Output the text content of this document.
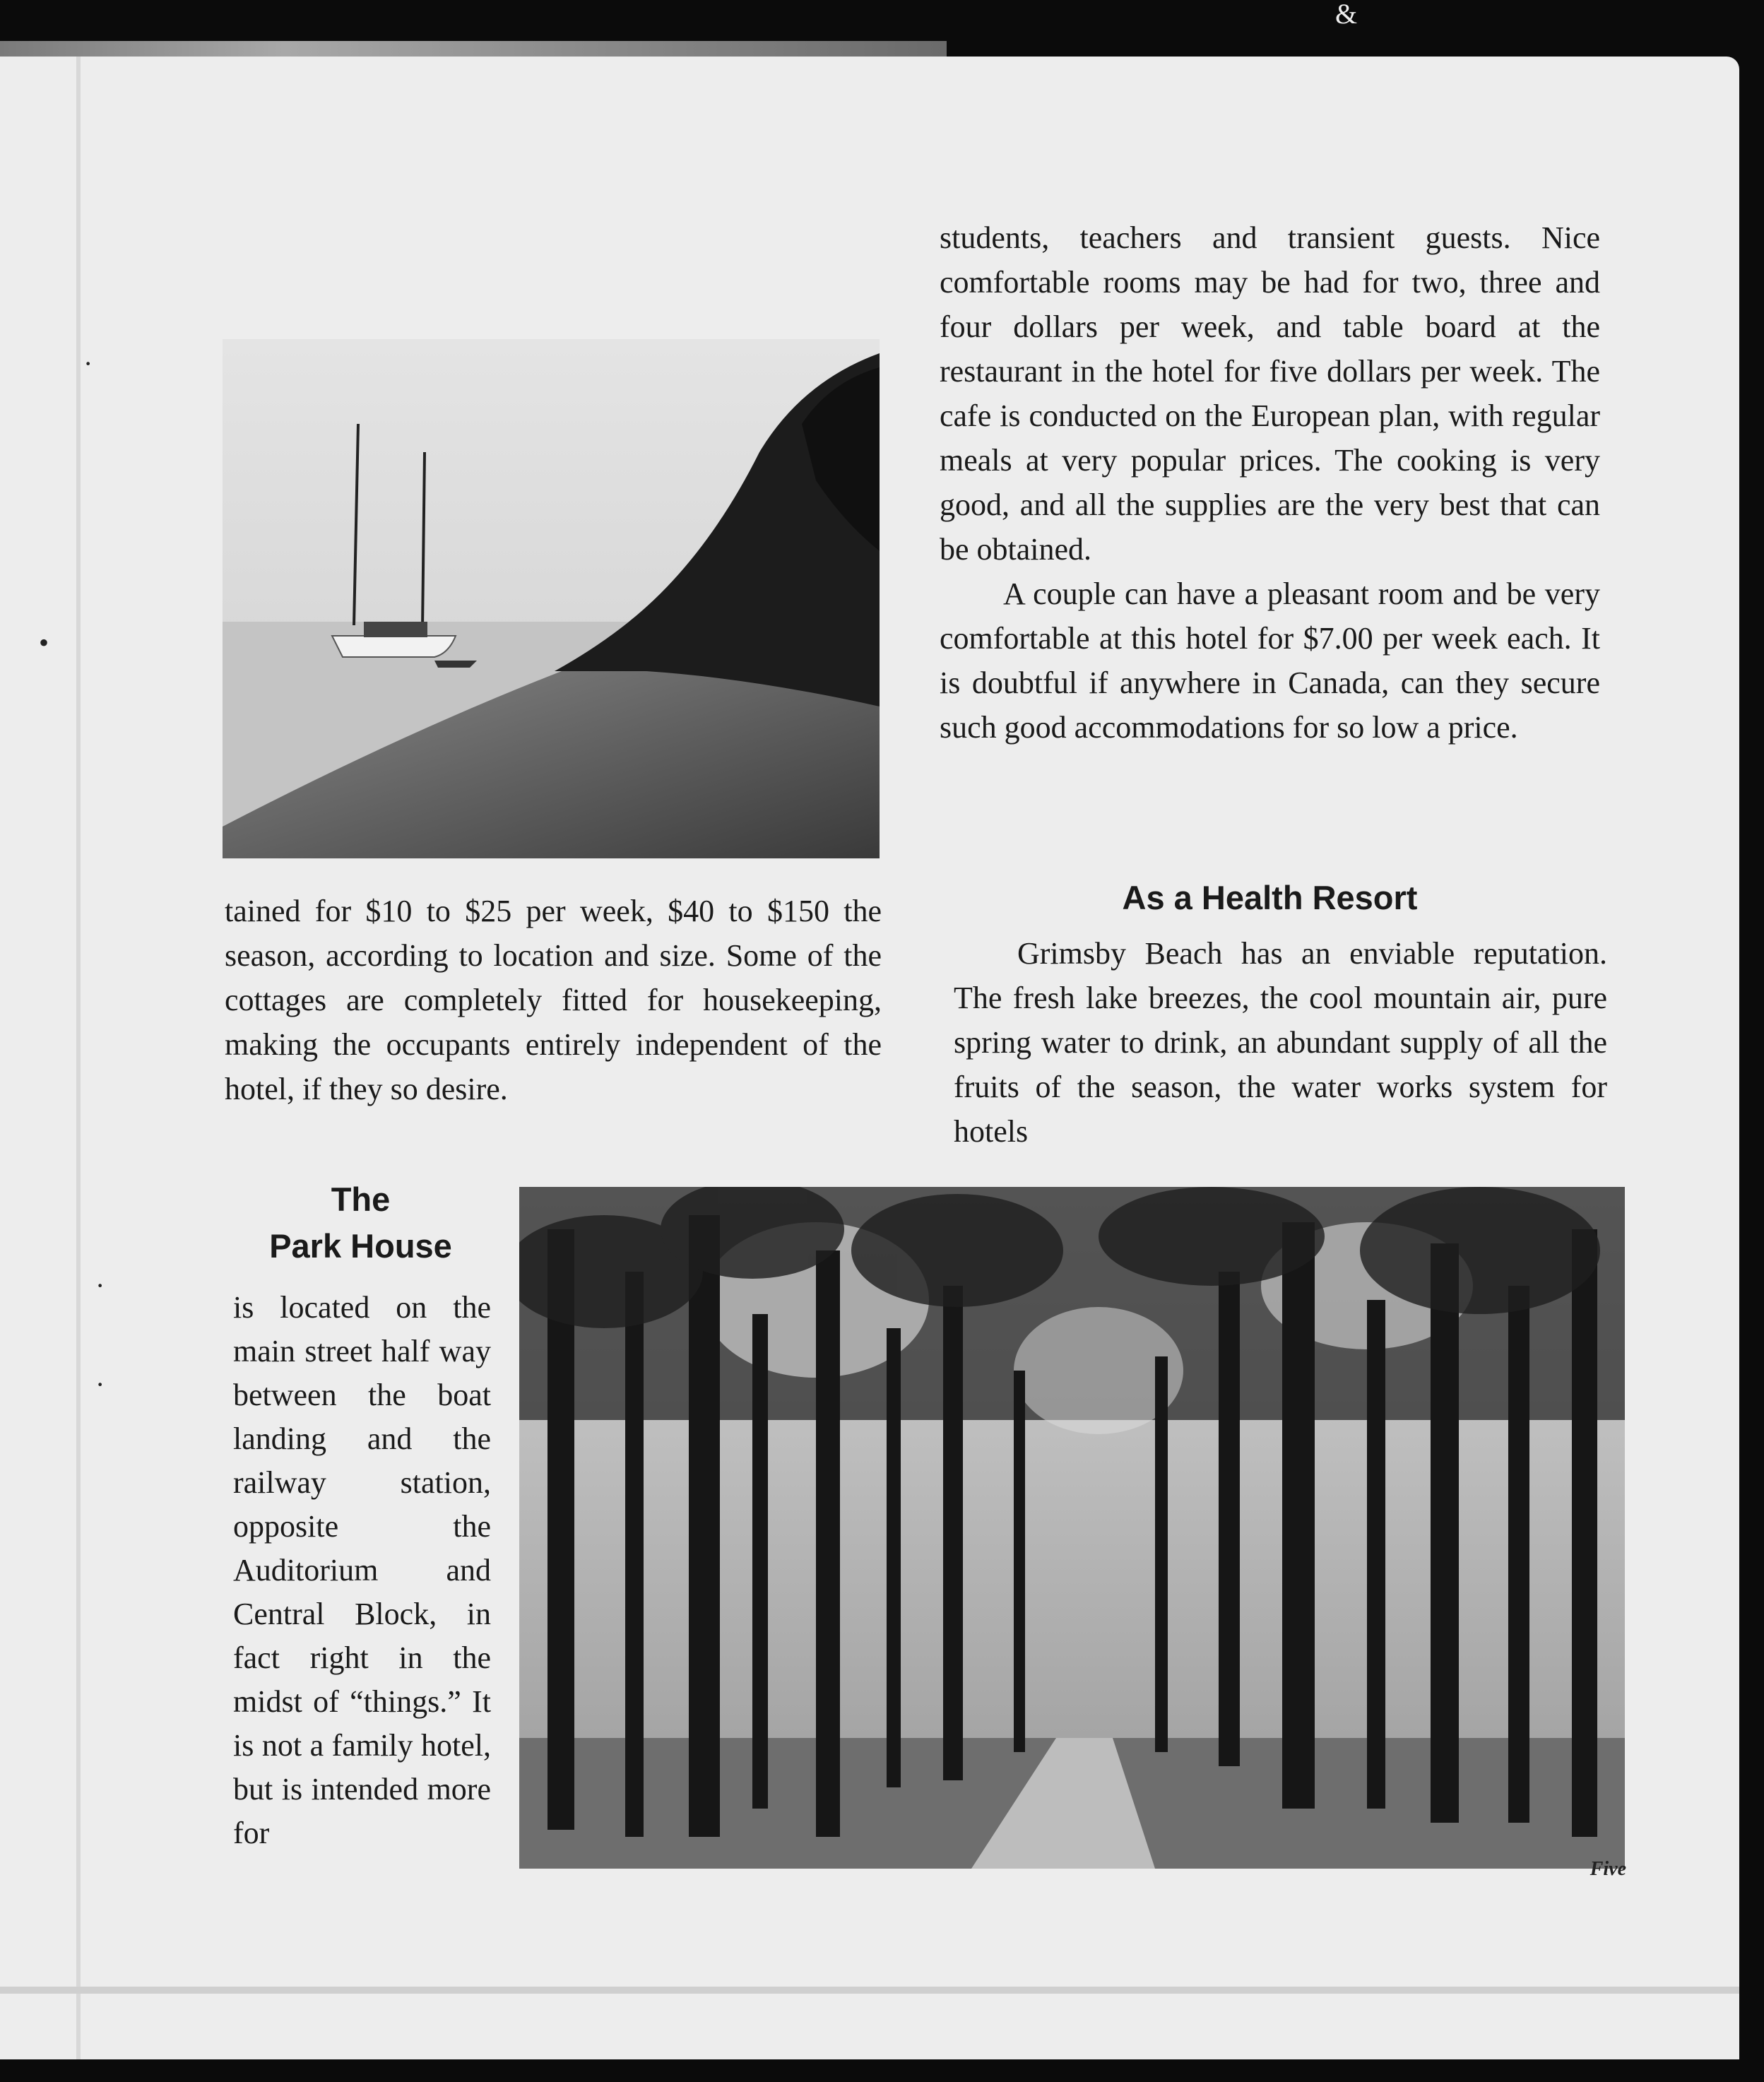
·
•
·
·
&

students, teachers and transient guests. Nice comfortable rooms may be had for two, three and four dollars per week, and table board at the restaurant in the hotel for five dollars per week. The cafe is conducted on the European plan, with regular meals at very popular prices. The cooking is very good, and all the supplies are the very best that can be obtained.

A couple can have a pleasant room and be very comfortable at this hotel for $7.00 per week each. It is doubtful if anywhere in Canada, can they secure such good accommodations for so low a price.

tained for $10 to $25 per week, $40 to $150 the season, according to location and size. Some of the cottages are completely fitted for housekeeping, making the occupants entirely independent of the hotel, if they so desire.

As a Health Resort

Grimsby Beach has an enviable reputation. The fresh lake breezes, the cool mountain air, pure spring water to drink, an abundant supply of all the fruits of the season, the water works system for hotels

The
Park House

is located on the main street half way between the boat landing and the railway station, opposite the Auditorium and Central Block, in fact right in the midst of “things.” It is not a family hotel, but is intended more for

Five
